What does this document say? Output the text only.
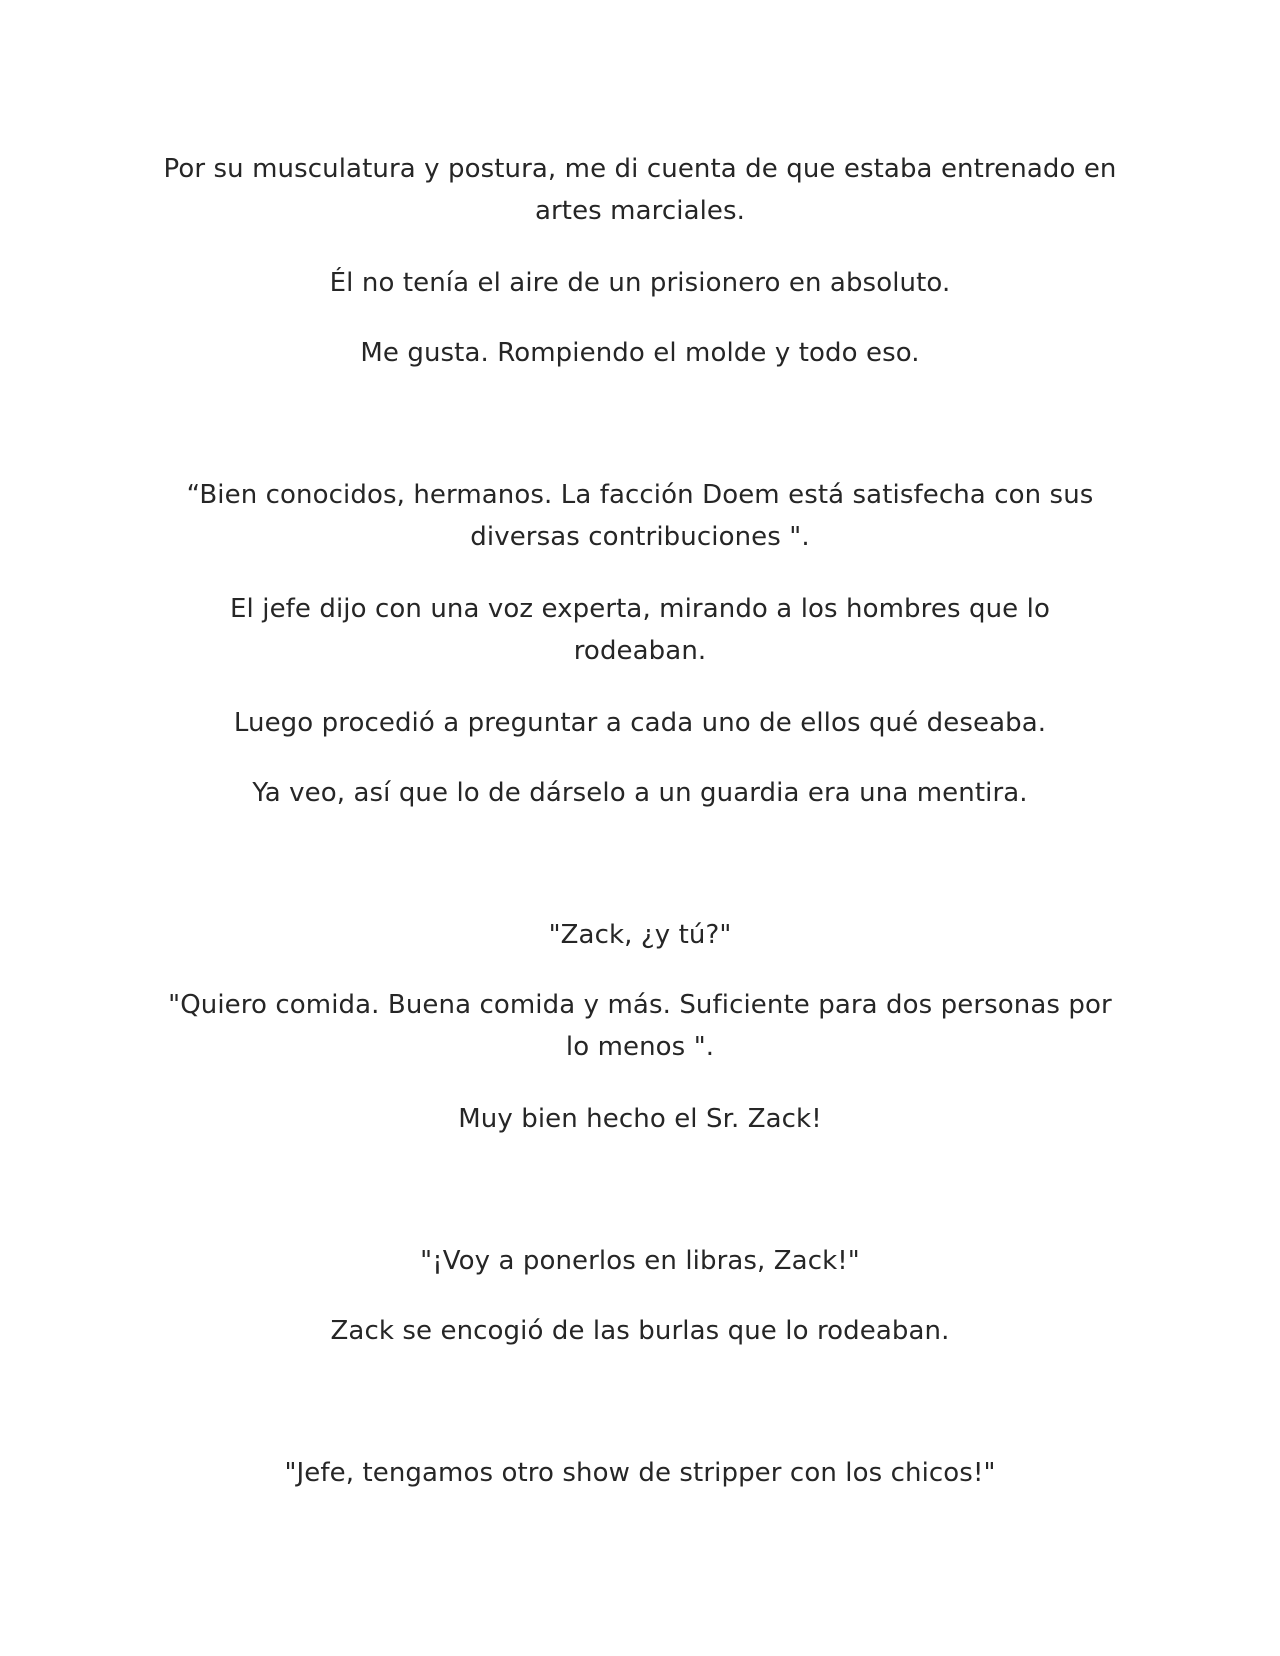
Por su musculatura y postura, me di cuenta de que estaba entrenado en artes marciales.

Él no tenía el aire de un prisionero en absoluto.

Me gusta. Rompiendo el molde y todo eso.

“Bien conocidos, hermanos. La facción Doem está satisfecha con sus diversas contribuciones ".

El jefe dijo con una voz experta, mirando a los hombres que lo rodeaban.

Luego procedió a preguntar a cada uno de ellos qué deseaba.

Ya veo, así que lo de dárselo a un guardia era una mentira.

"Zack, ¿y tú?"

"Quiero comida. Buena comida y más. Suficiente para dos personas por lo menos ".

Muy bien hecho el Sr. Zack!

"¡Voy a ponerlos en libras, Zack!"

Zack se encogió de las burlas que lo rodeaban.

"Jefe, tengamos otro show de stripper con los chicos!"
